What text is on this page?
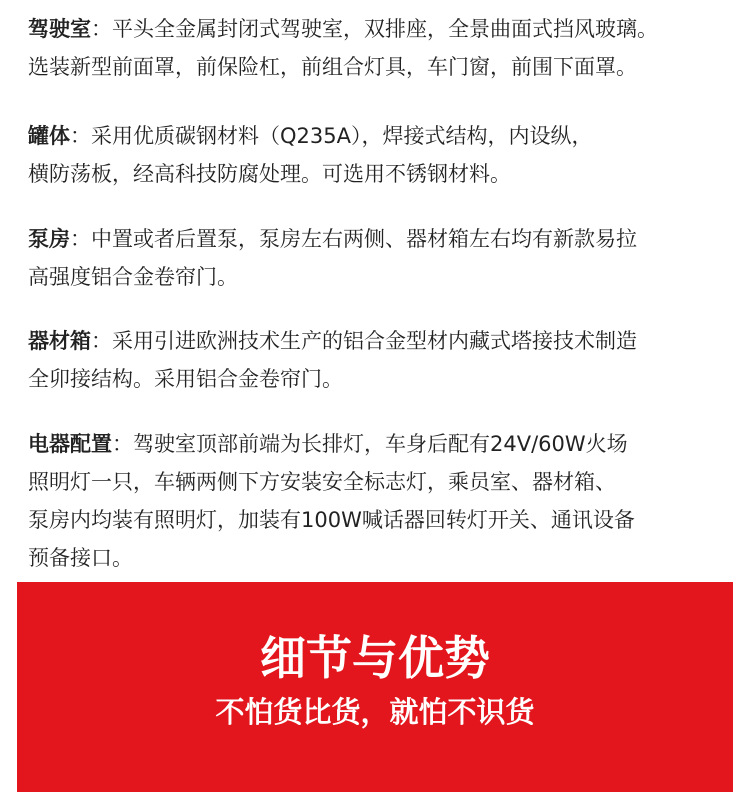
驾驶室：平头全金属封闭式驾驶室，双排座，全景曲面式挡风玻璃。

选装新型前面罩，前保险杠，前组合灯具，车门窗，前围下面罩。

罐体：采用优质碳钢材料（Q235A），焊接式结构，内设纵，

横防荡板，经高科技防腐处理。可选用不锈钢材料。

泵房：中置或者后置泵，泵房左右两侧、器材箱左右均有新款易拉

高强度铝合金卷帘门。

器材箱：采用引进欧洲技术生产的铝合金型材内藏式塔接技术制造

全卯接结构。采用铝合金卷帘门。

电器配置：驾驶室顶部前端为长排灯，车身后配有24V/60W火场

照明灯一只，车辆两侧下方安装安全标志灯，乘员室、器材箱、

泵房内均装有照明灯，加装有100W喊话器回转灯开关、通讯设备

预备接口。

细节与优势
不怕货比货，就怕不识货
